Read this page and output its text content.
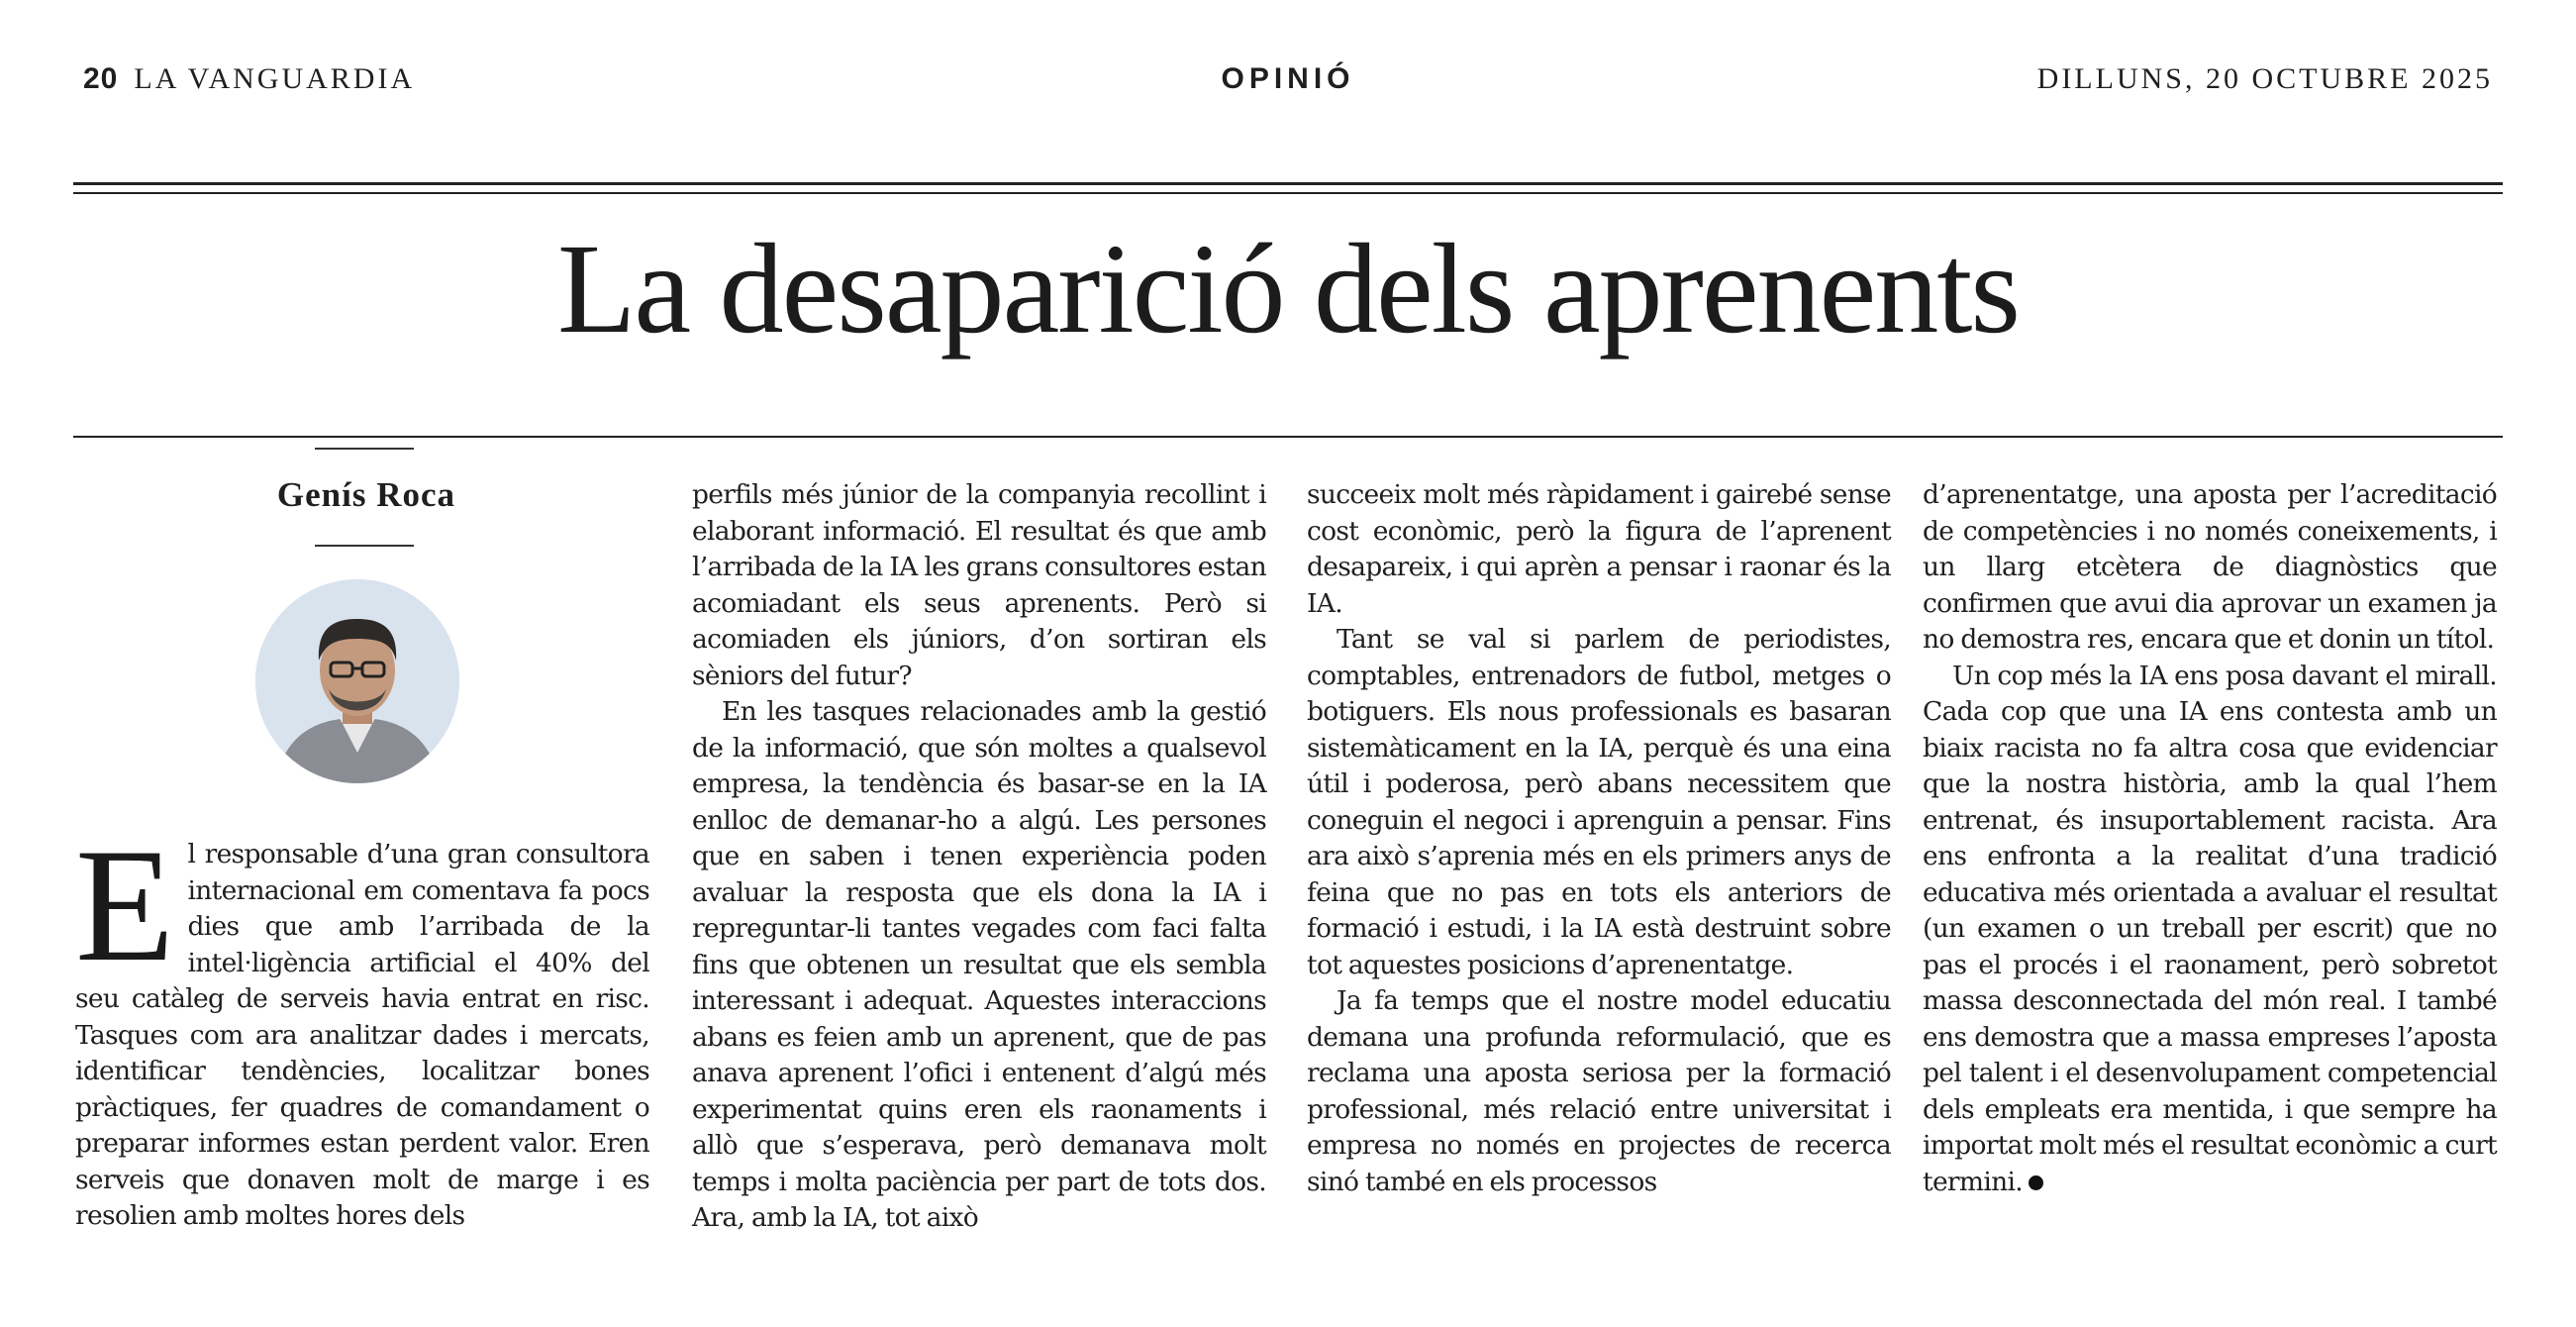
20 LA VANGUARDIA	OPINIÓ	DILLUNS, 20 OCTUBRE 2025
La desaparició dels aprenents
Genís Roca
E l responsable d’una gran consultora internacional em comentava fa pocs dies que amb l’arribada de la intel·ligència artificial el 40% del seu catàleg de serveis havia entrat en risc. Tasques com ara analitzar dades i mercats, identificar tendències, localitzar bones pràctiques, fer quadres de comandament o preparar informes estan perdent valor. Eren serveis que donaven molt de marge i es resolien amb moltes hores dels

perfils més júnior de la companyia recollint i elaborant informació. El resultat és que amb l’arribada de la IA les grans consultores estan acomiadant els seus aprenents. Però si acomiaden els júniors, d’on sortiran els sèniors del futur?

En les tasques relacionades amb la gestió de la informació, que són moltes a qualsevol empresa, la tendència és basar-se en la IA enlloc de demanar-ho a algú. Les persones que en saben i tenen experiència poden avaluar la resposta que els dona la IA i repreguntar-li tantes vegades com faci falta fins que obtenen un resultat que els sembla interessant i adequat. Aquestes interaccions abans es feien amb un aprenent, que de pas anava aprenent l’ofici i entenent d’algú més experimentat quins eren els raonaments i allò que s’esperava, però demanava molt temps i molta paciència per part de tots dos. Ara, amb la IA, tot això

succeeix molt més ràpidament i gairebé sense cost econòmic, però la figura de l’aprenent desapareix, i qui aprèn a pensar i raonar és la IA.

Tant se val si parlem de periodistes, comptables, entrenadors de futbol, metges o botiguers. Els nous professionals es basaran sistemàticament en la IA, perquè és una eina útil i poderosa, però abans necessitem que coneguin el negoci i aprenguin a pensar. Fins ara això s’aprenia més en els primers anys de feina que no pas en tots els anteriors de formació i estudi, i la IA està destruint sobre tot aquestes posicions d’aprenentatge.

Ja fa temps que el nostre model educatiu demana una profunda reformulació, que es reclama una aposta seriosa per la formació professional, més relació entre universitat i empresa no només en projectes de recerca sinó també en els processos

d’aprenentatge, una aposta per l’acreditació de competències i no només coneixements, i un llarg etcètera de diagnòstics que confirmen que avui dia aprovar un examen ja no demostra res, encara que et donin un títol.

Un cop més la IA ens posa davant el mirall. Cada cop que una IA ens contesta amb un biaix racista no fa altra cosa que evidenciar que la nostra història, amb la qual l’hem entrenat, és insuportablement racista. Ara ens enfronta a la realitat d’una tradició educativa més orientada a avaluar el resultat (un examen o un treball per escrit) que no pas el procés i el raonament, però sobretot massa desconnectada del món real. I també ens demostra que a massa empreses l’aposta pel talent i el desenvolupament competencial dels empleats era mentida, i que sempre ha importat molt més el resultat econòmic a curt termini.
